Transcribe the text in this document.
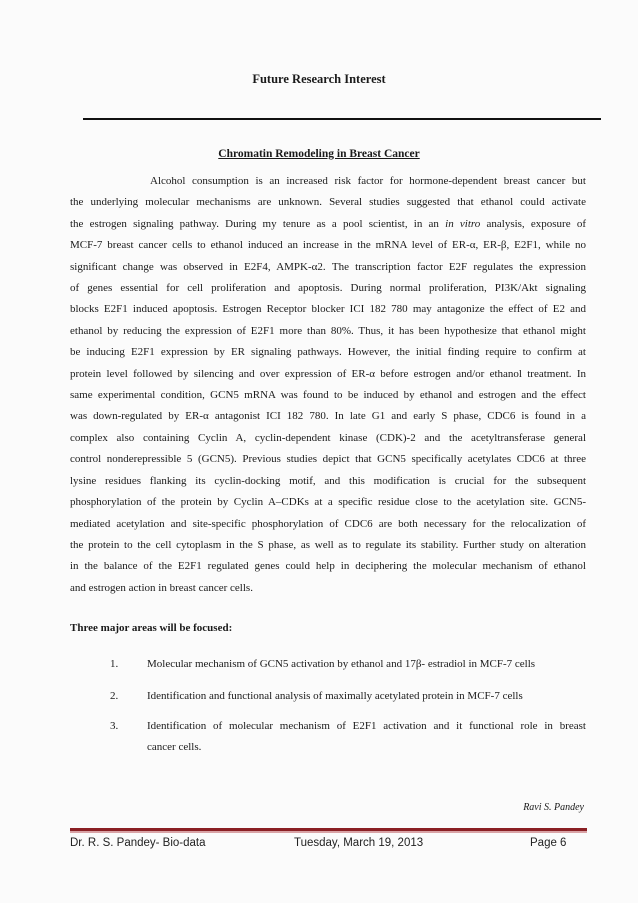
Future Research Interest
Chromatin Remodeling in Breast Cancer
Alcohol consumption is an increased risk factor for hormone-dependent breast cancer but
the underlying molecular mechanisms are unknown. Several studies suggested that ethanol could activate
the estrogen signaling pathway. During my tenure as a pool scientist, in an in vitro analysis, exposure of
MCF-7 breast cancer cells to ethanol induced an increase in the mRNA level of ER-α, ER-β, E2F1, while no
significant change was observed in E2F4, AMPK-α2. The transcription factor E2F regulates the expression
of genes essential for cell proliferation and apoptosis. During normal proliferation, PI3K/Akt signaling
blocks E2F1 induced apoptosis. Estrogen Receptor blocker ICI 182 780 may antagonize the effect of E2 and
ethanol by reducing the expression of E2F1 more than 80%. Thus, it has been hypothesize that ethanol might
be inducing E2F1 expression by ER signaling pathways. However, the initial finding require to confirm at
protein level followed by silencing and over expression of ER-α before estrogen and/or ethanol treatment. In
same experimental condition, GCN5 mRNA was found to be induced by ethanol and estrogen and the effect
was down-regulated by ER-α antagonist ICI 182 780. In late G1 and early S phase, CDC6 is found in a
complex also containing Cyclin A, cyclin-dependent kinase (CDK)-2 and the acetyltransferase general
control nonderepressible 5 (GCN5). Previous studies depict that GCN5 specifically acetylates CDC6 at three
lysine residues flanking its cyclin-docking motif, and this modification is crucial for the subsequent
phosphorylation of the protein by Cyclin A–CDKs at a specific residue close to the acetylation site. GCN5-
mediated acetylation and site-specific phosphorylation of CDC6 are both necessary for the relocalization of
the protein to the cell cytoplasm in the S phase, as well as to regulate its stability. Further study on alteration
in the balance of the E2F1 regulated genes could help in deciphering the molecular mechanism of ethanol
and estrogen action in breast cancer cells.
Three major areas will be focused:
1.	Molecular mechanism of GCN5 activation by ethanol and 17β- estradiol in MCF-7 cells
2.	Identification and functional analysis of maximally acetylated protein in MCF-7 cells
3.	Identification of molecular mechanism of E2F1 activation and it functional role in breast
cancer cells.
Ravi S. Pandey
Dr. R. S. Pandey- Bio-data	Tuesday, March 19, 2013	Page 6
